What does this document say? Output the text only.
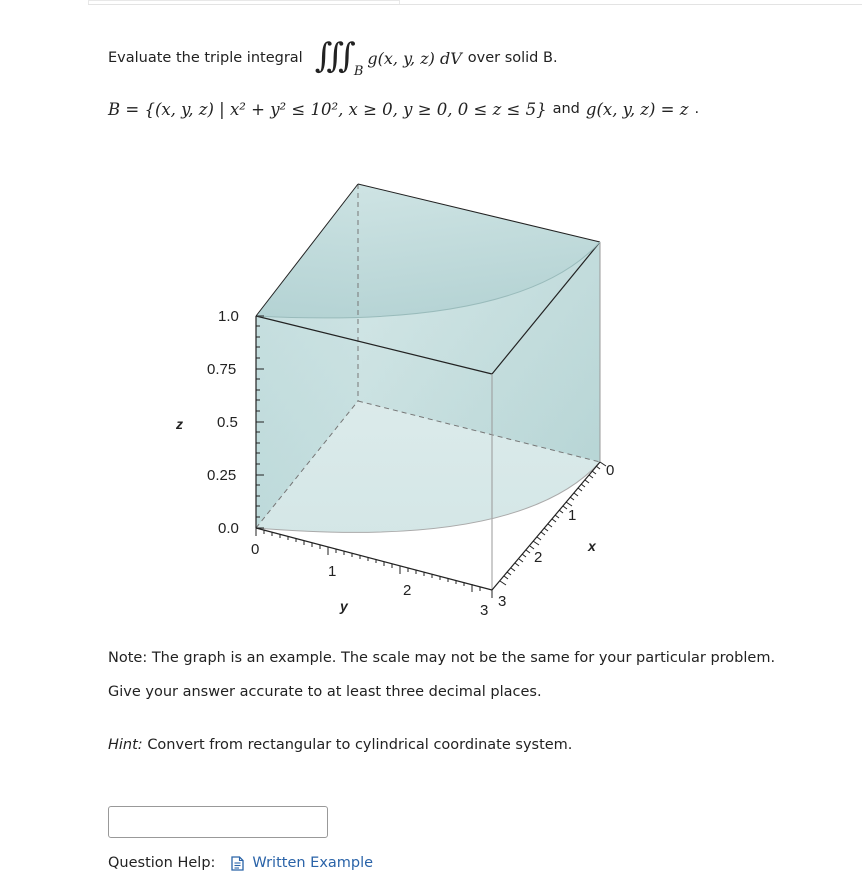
Evaluate the triple integral ∫∫∫ B
g(x, y, z) dV over solid B.
B = {(x, y, z) | x² + y² ≤ 10², x ≥ 0, y ≥ 0, 0 ≤ z ≤ 5} and g(x, y, z) = z .
1.0
0.75
0.5
0.25
0.0
z
0
1
2
3
y
0
1
2
3
x
Note: The graph is an example. The scale may not be the same for your particular problem.
Give your answer accurate to at least three decimal places.
Hint: Convert from rectangular to cylindrical coordinate system.
Question Help:	Written Example
